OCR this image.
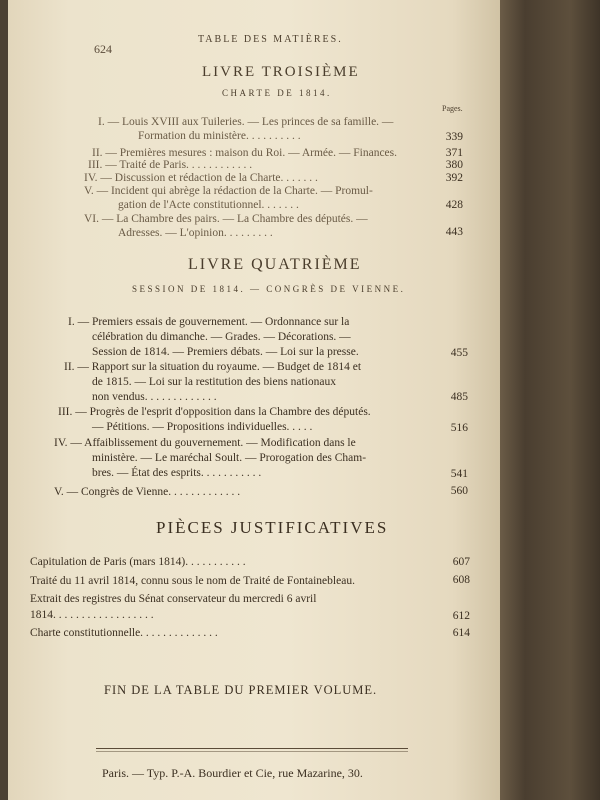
624
TABLE DES MATIÈRES.
LIVRE TROISIÈME
CHARTE DE 1814.
Pages.
I. — Louis XVIII aux Tuileries. — Les princes de sa famille. —
Formation du ministère. . . . . . . . . .	339
II. — Premières mesures : maison du Roi. — Armée. — Finances.	371
III. — Traité de Paris. . . . . . . . . . . .	380
IV. — Discussion et rédaction de la Charte. . . . . . .	392
V. — Incident qui abrège la rédaction de la Charte. — Promul-
gation de l'Acte constitutionnel. . . . . . .	428
VI. — La Chambre des pairs. — La Chambre des députés. —
Adresses. — L'opinion. . . . . . . . .	443
LIVRE QUATRIÈME
SESSION DE 1814. — CONGRÈS DE VIENNE.
I. — Premiers essais de gouvernement. — Ordonnance sur la
célébration du dimanche. — Grades. — Décorations. —
Session de 1814. — Premiers débats. — Loi sur la presse.	455
II. — Rapport sur la situation du royaume. — Budget de 1814 et
de 1815. — Loi sur la restitution des biens nationaux
non vendus. . . . . . . . . . . . .	485
III. — Progrès de l'esprit d'opposition dans la Chambre des députés.
— Pétitions. — Propositions individuelles. . . . .	516
IV. — Affaiblissement du gouvernement. — Modification dans le
ministère. — Le maréchal Soult. — Prorogation des Cham-
bres. — État des esprits. . . . . . . . . . .	541
V. — Congrès de Vienne. . . . . . . . . . . . .	560
PIÈCES JUSTIFICATIVES
Capitulation de Paris (mars 1814). . . . . . . . . . .	607
Traité du 11 avril 1814, connu sous le nom de Traité de Fontainebleau.	608
Extrait des registres du Sénat conservateur du mercredi 6 avril
1814. . . . . . . . . . . . . . . . . .	612
Charte constitutionnelle. . . . . . . . . . . . . .	614
FIN DE LA TABLE DU PREMIER VOLUME.
Paris. — Typ. P.-A. Bourdier et Cie, rue Mazarine, 30.
